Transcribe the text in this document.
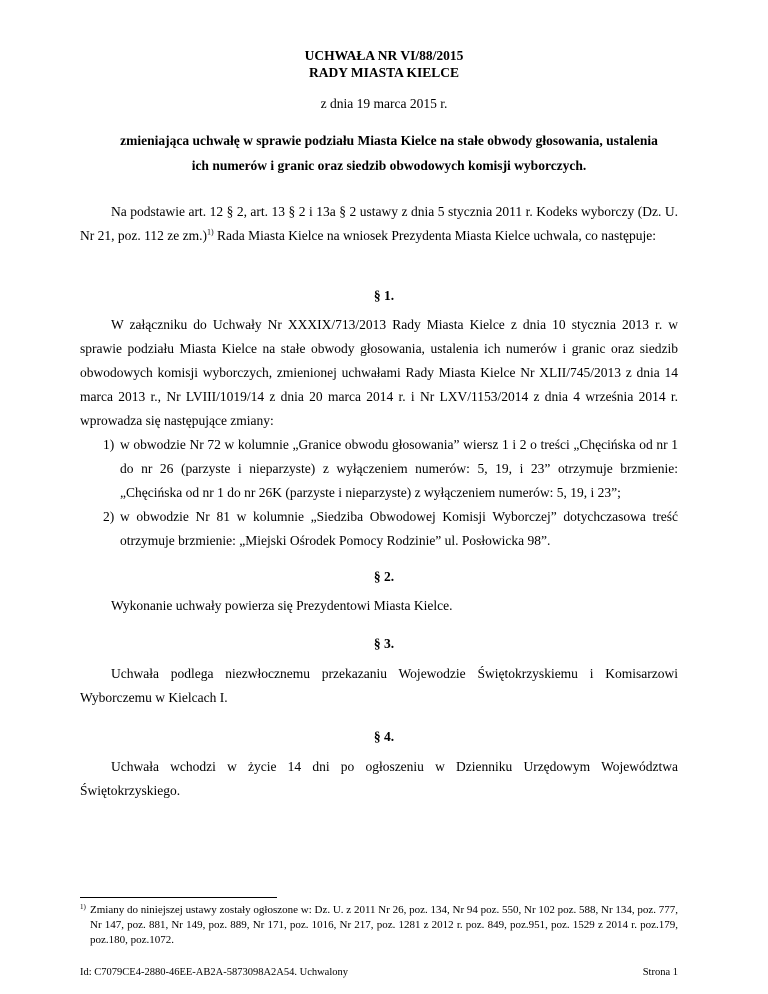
UCHWAŁA NR VI/88/2015
RADY MIASTA KIELCE
z dnia 19 marca 2015 r.
zmieniająca uchwałę w sprawie podziału Miasta Kielce na stałe obwody głosowania, ustalenia
ich numerów i granic oraz siedzib obwodowych komisji wyborczych.
Na podstawie art. 12 § 2, art. 13 § 2 i 13a § 2 ustawy z dnia 5 stycznia 2011 r. Kodeks wyborczy (Dz. U. Nr 21, poz. 112 ze zm.)$^{1)}$ Rada Miasta Kielce na wniosek Prezydenta Miasta Kielce uchwala, co następuje:
§ 1.
W załączniku do Uchwały Nr XXXIX/713/2013 Rady Miasta Kielce z dnia 10 stycznia 2013 r. w sprawie podziału Miasta Kielce na stałe obwody głosowania, ustalenia ich numerów i granic oraz siedzib obwodowych komisji wyborczych, zmienionej uchwałami Rady Miasta Kielce Nr XLII/745/2013 z dnia 14 marca 2013 r., Nr LVIII/1019/14 z dnia 20 marca 2014 r. i Nr LXV/1153/2014 z dnia 4 września 2014 r. wprowadza się następujące zmiany:
1) w obwodzie Nr 72 w kolumnie „Granice obwodu głosowania” wiersz 1 i 2 o treści „Chęcińska od nr 1 do nr 26 (parzyste i nieparzyste) z wyłączeniem numerów: 5, 19, i 23” otrzymuje brzmienie: „Chęcińska od nr 1 do nr 26K (parzyste i nieparzyste) z wyłączeniem numerów: 5, 19, i 23”;
2) w obwodzie Nr 81 w kolumnie „Siedziba Obwodowej Komisji Wyborczej” dotychczasowa treść otrzymuje brzmienie: „Miejski Ośrodek Pomocy Rodzinie” ul. Posłowicka 98”.
§ 2.
Wykonanie uchwały powierza się Prezydentowi Miasta Kielce.
§ 3.
Uchwała podlega niezwłocznemu przekazaniu Wojewodzie Świętokrzyskiemu i Komisarzowi Wyborczemu w Kielcach I.
§ 4.
Uchwała wchodzi w życie 14 dni po ogłoszeniu w Dzienniku Urzędowym Województwa Świętokrzyskiego.
1) Zmiany do niniejszej ustawy zostały ogłoszone w: Dz. U. z 2011 Nr 26, poz. 134, Nr 94 poz. 550, Nr 102 poz. 588, Nr 134, poz. 777, Nr 147, poz. 881, Nr 149, poz. 889, Nr 171, poz. 1016, Nr 217, poz. 1281 z 2012 r. poz. 849, poz.951, poz. 1529 z 2014 r. poz.179, poz.180, poz.1072.
Id: C7079CE4-2880-46EE-AB2A-5873098A2A54. Uchwalony	Strona 1
